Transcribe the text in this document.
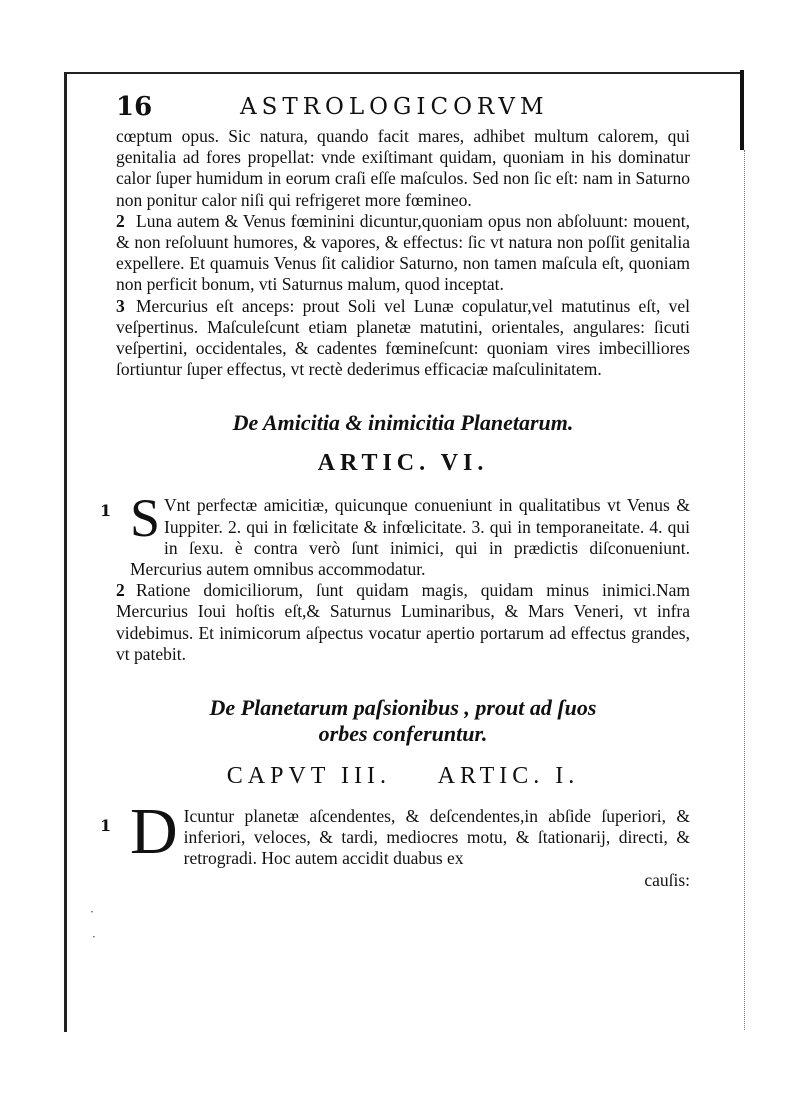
·
·
16	ASTROLOGICORVM

cœptum opus. Sic natura, quando facit mares, adhibet multum calorem, qui genitalia ad fores propellat: vnde exiſtimant quidam, quoniam in his dominatur calor ſuper humidum in eorum craſi eſſe maſculos. Sed non ſic eſt: nam in Saturno non ponitur calor niſi qui refrigeret more fœmineo.

2 Luna autem & Venus fœminini dicuntur,quoniam opus non abſoluunt: mouent, & non reſoluunt humores, & vapores, & effectus: ſic vt natura non poſſit genitalia expellere. Et quamuis Venus ſit calidior Saturno, non tamen maſcula eſt, quoniam non perficit bonum, vti Saturnus malum, quod inceptat.

3 Mercurius eſt anceps: prout Soli vel Lunæ copulatur,vel matutinus eſt, vel veſpertinus. Maſculeſcunt etiam planetæ matutini, orientales, angulares: ſicuti veſpertini, occidentales, & cadentes fœmineſcunt: quoniam vires imbecilliores ſortiuntur ſuper effectus, vt rectè dederimus efficaciæ maſculinitatem.

De Amicitia & inimicitia Planetarum.
ARTIC. VI.
1 S Vnt perfectæ amicitiæ, quicunque conueniunt in qualitatibus vt Venus & Iuppiter. 2. qui in fœlicitate & infœlicitate. 3. qui in temporaneitate. 4. qui in ſexu. è contra verò ſunt inimici, qui in prædictis diſconueniunt. Mercurius autem omnibus accommodatur.

2 Ratione domiciliorum, ſunt quidam magis, quidam minus inimici.Nam Mercurius Ioui hoſtis eſt,& Saturnus Luminaribus, & Mars Veneri, vt infra videbimus. Et inimicorum aſpectus vocatur apertio portarum ad effectus grandes, vt patebit.

De Planetarum paſsionibus , prout ad ſuos
orbes conferuntur.
CAPVT III. ARTIC. I.
1 D Icuntur planetæ aſcendentes, & deſcendentes,in abſide ſuperiori, & inferiori, veloces, & tardi, mediocres motu, & ſtationarij, directi, & retrogradi. Hoc autem accidit duabus ex

cauſis:
